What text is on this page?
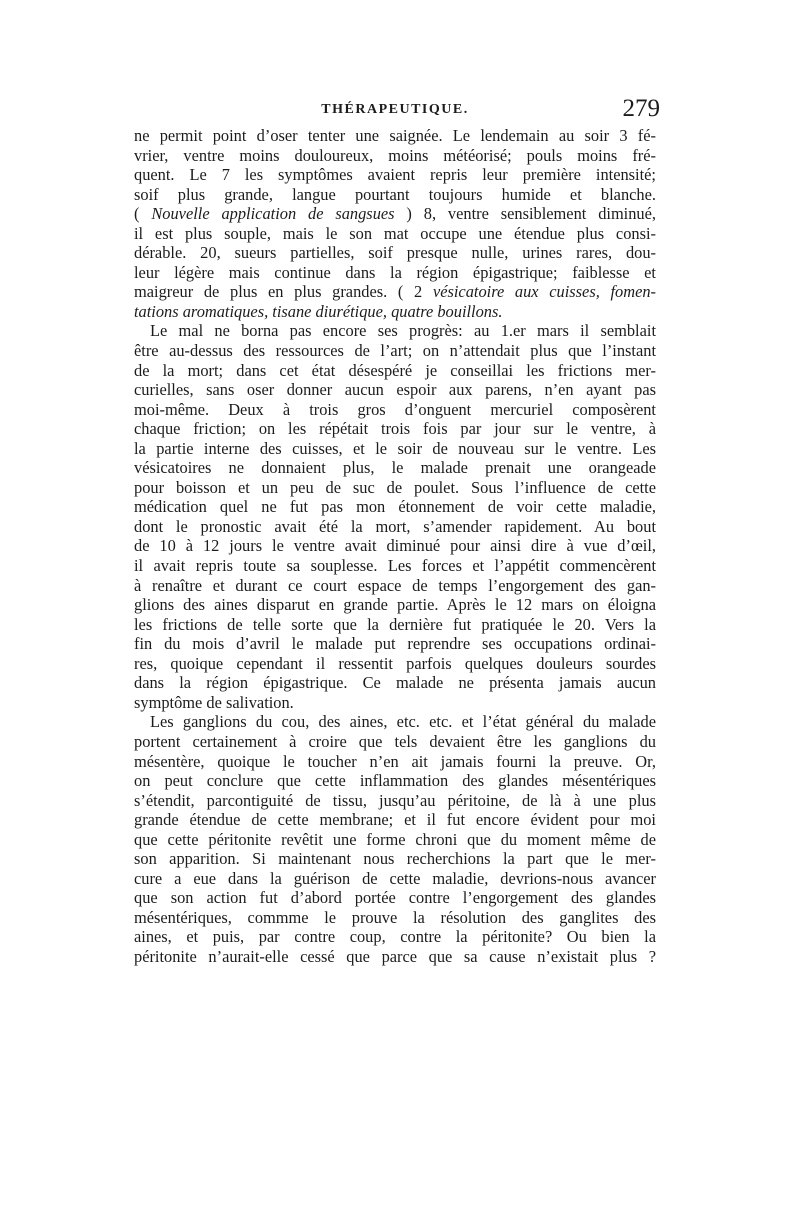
THÉRAPEUTIQUE.	279
ne permit point d’oser tenter une saignée. Le lendemain au soir 3 fé-
vrier, ventre moins douloureux, moins météorisé; pouls moins fré-
quent. Le 7 les symptômes avaient repris leur première intensité;
soif plus grande, langue pourtant toujours humide et blanche.
( Nouvelle application de sangsues ) 8, ventre sensiblement diminué,
il est plus souple, mais le son mat occupe une étendue plus consi-
dérable. 20, sueurs partielles, soif presque nulle, urines rares, dou-
leur légère mais continue dans la région épigastrique; faiblesse et
maigreur de plus en plus grandes. ( 2 vésicatoire aux cuisses, fomen-
tations aromatiques, tisane diurétique, quatre bouillons.
Le mal ne borna pas encore ses progrès: au 1.er mars il semblait
être au-dessus des ressources de l’art; on n’attendait plus que l’instant
de la mort; dans cet état désespéré je conseillai les frictions mer-
curielles, sans oser donner aucun espoir aux parens, n’en ayant pas
moi-même. Deux à trois gros d’onguent mercuriel composèrent
chaque friction; on les répétait trois fois par jour sur le ventre, à
la partie interne des cuisses, et le soir de nouveau sur le ventre. Les
vésicatoires ne donnaient plus, le malade prenait une orangeade
pour boisson et un peu de suc de poulet. Sous l’influence de cette
médication quel ne fut pas mon étonnement de voir cette maladie,
dont le pronostic avait été la mort, s’amender rapidement. Au bout
de 10 à 12 jours le ventre avait diminué pour ainsi dire à vue d’œil,
il avait repris toute sa souplesse. Les forces et l’appétit commencèrent
à renaître et durant ce court espace de temps l’engorgement des gan-
glions des aines disparut en grande partie. Après le 12 mars on éloigna
les frictions de telle sorte que la dernière fut pratiquée le 20. Vers la
fin du mois d’avril le malade put reprendre ses occupations ordinai-
res, quoique cependant il ressentit parfois quelques douleurs sourdes
dans la région épigastrique. Ce malade ne présenta jamais aucun
symptôme de salivation.
Les ganglions du cou, des aines, etc. etc. et l’état général du malade
portent certainement à croire que tels devaient être les ganglions du
mésentère, quoique le toucher n’en ait jamais fourni la preuve. Or,
on peut conclure que cette inflammation des glandes mésentériques
s’étendit, parcontiguité de tissu, jusqu’au péritoine, de là à une plus
grande étendue de cette membrane; et il fut encore évident pour moi
que cette péritonite revêtit une forme chroni que du moment même de
son apparition. Si maintenant nous recherchions la part que le mer-
cure a eue dans la guérison de cette maladie, devrions-nous avancer
que son action fut d’abord portée contre l’engorgement des glandes
mésentériques, commme le prouve la résolution des ganglites des
aines, et puis, par contre coup, contre la péritonite? Ou bien la
péritonite n’aurait-elle cessé que parce que sa cause n’existait plus ?
